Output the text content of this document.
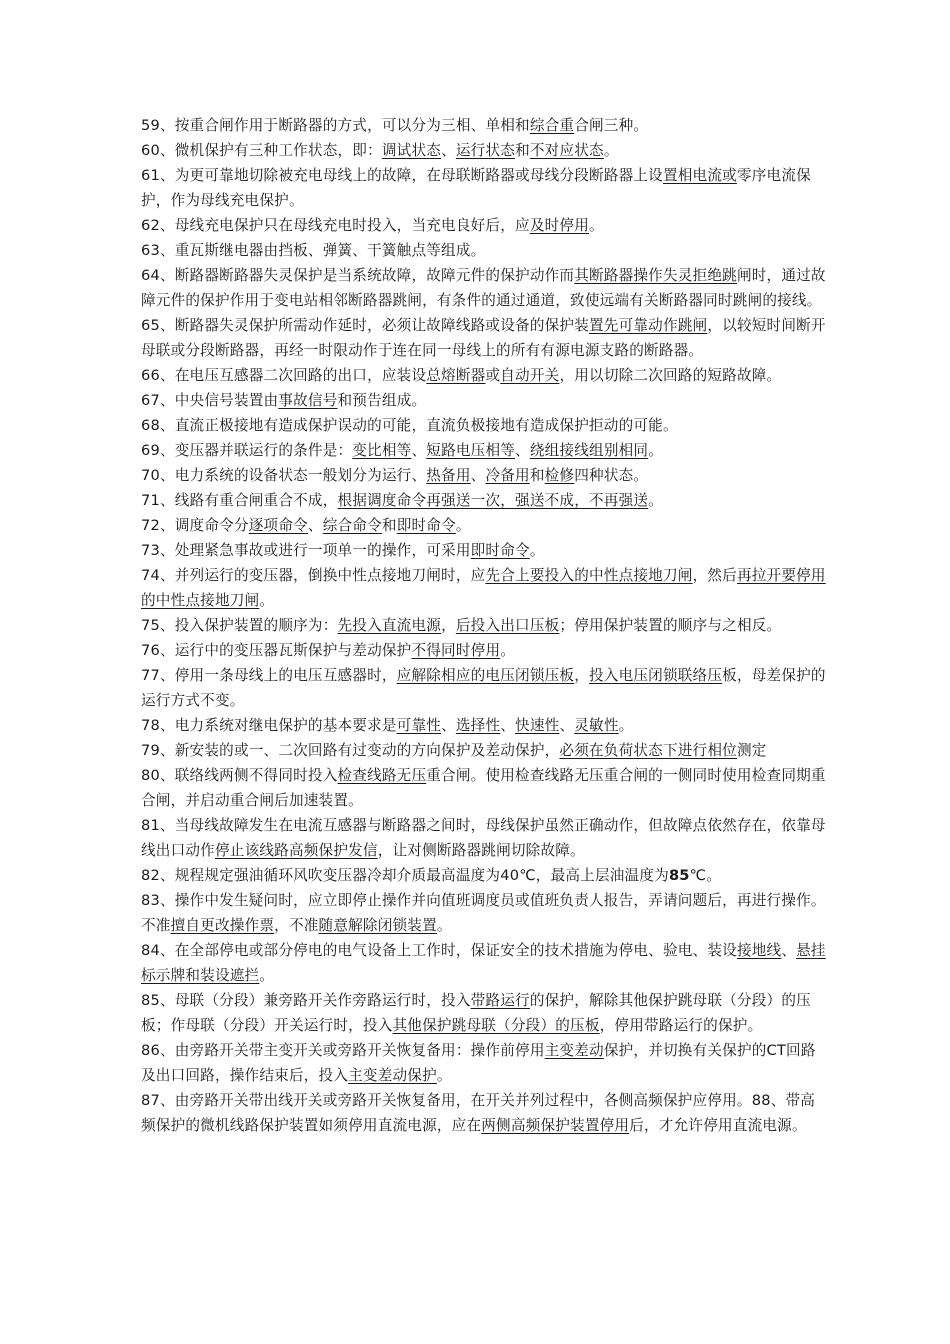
59、按重合闸作用于断路器的方式，可以分为三相、单相和综合重合闸三种。

60、微机保护有三种工作状态，即：调试状态、运行状态和不对应状态。

61、为更可靠地切除被充电母线上的故障，在母联断路器或母线分段断路器上设置相电流或零序电流保护，作为母线充电保护。

62、母线充电保护只在母线充电时投入，当充电良好后，应及时停用。

63、重瓦斯继电器由挡板、弹簧、干簧触点等组成。

64、断路器断路器失灵保护是当系统故障，故障元件的保护动作而其断路器操作失灵拒绝跳闸时，通过故障元件的保护作用于变电站相邻断路器跳闸，有条件的通过通道，致使远端有关断路器同时跳闸的接线。

65、断路器失灵保护所需动作延时，必须让故障线路或设备的保护装置先可靠动作跳闸，以较短时间断开母联或分段断路器，再经一时限动作于连在同一母线上的所有有源电源支路的断路器。

66、在电压互感器二次回路的出口，应装设总熔断器或自动开关，用以切除二次回路的短路故障。

67、中央信号装置由事故信号和预告组成。

68、直流正极接地有造成保护误动的可能，直流负极接地有造成保护拒动的可能。

69、变压器并联运行的条件是：变比相等、短路电压相等、绕组接线组别相同。

70、电力系统的设备状态一般划分为运行、热备用、冷备用和检修四种状态。

71、线路有重合闸重合不成，根据调度命令再强送一次，强送不成，不再强送。

72、调度命令分逐项命令、综合命令和即时命令。

73、处理紧急事故或进行一项单一的操作，可采用即时命令。

74、并列运行的变压器，倒换中性点接地刀闸时，应先合上要投入的中性点接地刀闸，然后再拉开要停用的中性点接地刀闸。

75、投入保护装置的顺序为：先投入直流电源，后投入出口压板；停用保护装置的顺序与之相反。

76、运行中的变压器瓦斯保护与差动保护不得同时停用。

77、停用一条母线上的电压互感器时，应解除相应的电压闭锁压板，投入电压闭锁联络压板，母差保护的运行方式不变。

78、电力系统对继电保护的基本要求是可靠性、选择性、快速性、灵敏性。

79、新安装的或一、二次回路有过变动的方向保护及差动保护，必须在负荷状态下进行相位测定

80、联络线两侧不得同时投入检查线路无压重合闸。使用检查线路无压重合闸的一侧同时使用检查同期重合闸，并启动重合闸后加速装置。

81、当母线故障发生在电流互感器与断路器之间时，母线保护虽然正确动作，但故障点依然存在，依靠母线出口动作停止该线路高频保护发信，让对侧断路器跳闸切除故障。

82、规程规定强油循环风吹变压器冷却介质最高温度为40℃，最高上层油温度为85℃。

83、操作中发生疑问时，应立即停止操作并向值班调度员或值班负责人报告，弄请问题后，再进行操作。不准擅自更改操作票，不准随意解除闭锁装置。

84、在全部停电或部分停电的电气设备上工作时，保证安全的技术措施为停电、验电、装设接地线、悬挂标示牌和装设遮拦。

85、母联（分段）兼旁路开关作旁路运行时，投入带路运行的保护，解除其他保护跳母联（分段）的压板；作母联（分段）开关运行时，投入其他保护跳母联（分段）的压板，停用带路运行的保护。

86、由旁路开关带主变开关或旁路开关恢复备用：操作前停用主变差动保护，并切换有关保护的CT回路及出口回路，操作结束后，投入主变差动保护。

87、由旁路开关带出线开关或旁路开关恢复备用，在开关并列过程中，各侧高频保护应停用。88、带高频保护的微机线路保护装置如须停用直流电源，应在两侧高频保护装置停用后，才允许停用直流电源。
